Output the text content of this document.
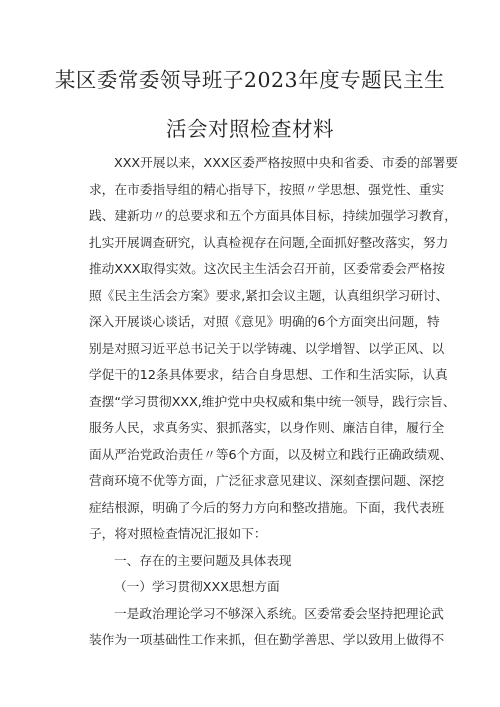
某区委常委领导班子2023年度专题民主生
活会对照检查材料
XXX开展以来，XXX区委严格按照中央和省委、市委的部署要
求，在市委指导组的精心指导下，按照〃学思想、强党性、重实
践、建新功〃的总要求和五个方面具体目标，持续加强学习教育，
扎实开展调查研究，认真检视存在问题,全面抓好整改落实，努力
推动XXX取得实效。这次民主生活会召开前，区委常委会严格按
照《民主生活会方案》要求,紧扣会议主题，认真组织学习研讨、
深入开展谈心谈话，对照《意见》明确的6个方面突出问题，特
别是对照习近平总书记关于以学铸魂、以学增智、以学正风、以
学促干的12条具体要求，结合自身思想、工作和生活实际，认真
查摆“学习贯彻XXX,维护党中央权威和集中统一领导，践行宗旨、
服务人民，求真务实、狠抓落实，以身作则、廉洁自律，履行全
面从严治党政治责任〃等6个方面，以及树立和践行正确政绩观、
营商环境不优等方面，广泛征求意见建议、深刻查摆问题、深挖
症结根源，明确了今后的努力方向和整改措施。下面，我代表班
子，将对照检查情况汇报如下：
一、存在的主要问题及具体表现
（一）学习贯彻XXX思想方面
一是政治理论学习不够深入系统。区委常委会坚持把理论武
装作为一项基础性工作来抓，但在勤学善思、学以致用上做得不
